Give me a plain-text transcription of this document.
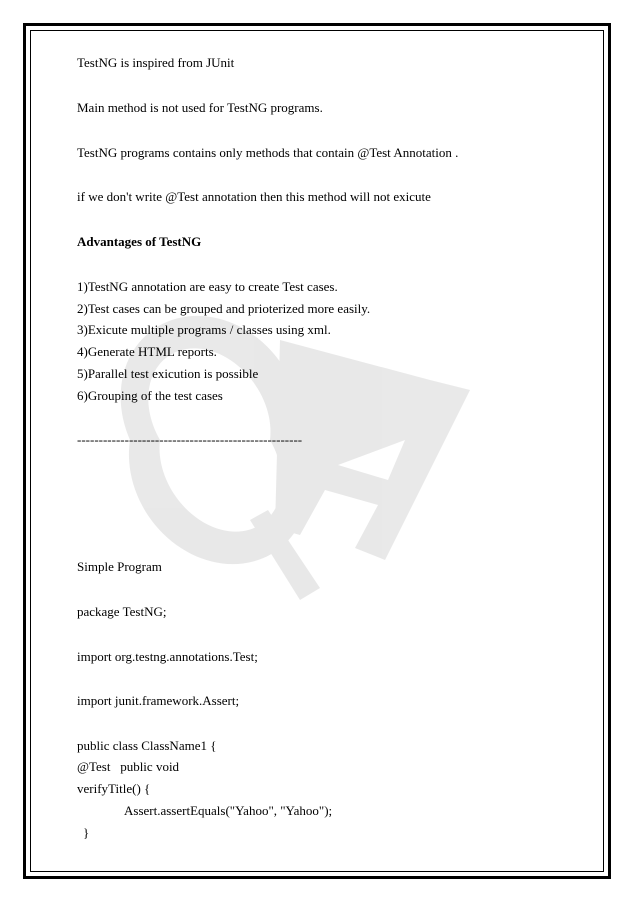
TestNG is inspired from JUnit
Main method is not used for TestNG programs.
TestNG programs contains only methods that contain @Test Annotation .
if we don't write @Test annotation then this method will not exicute
Advantages of TestNG
1)TestNG annotation are easy to create Test cases.
2)Test cases can be grouped and prioterized more easily.
3)Exicute multiple programs / classes using xml.
4)Generate HTML reports.
5)Parallel test exicution is possible
6)Grouping of the test cases
----------------------------------------------------
Simple Program
package TestNG;
import org.testng.annotations.Test;
import junit.framework.Assert;
public class ClassName1 {
@Test   public void
verifyTitle() {
Assert.assertEquals("Yahoo", "Yahoo");
}
